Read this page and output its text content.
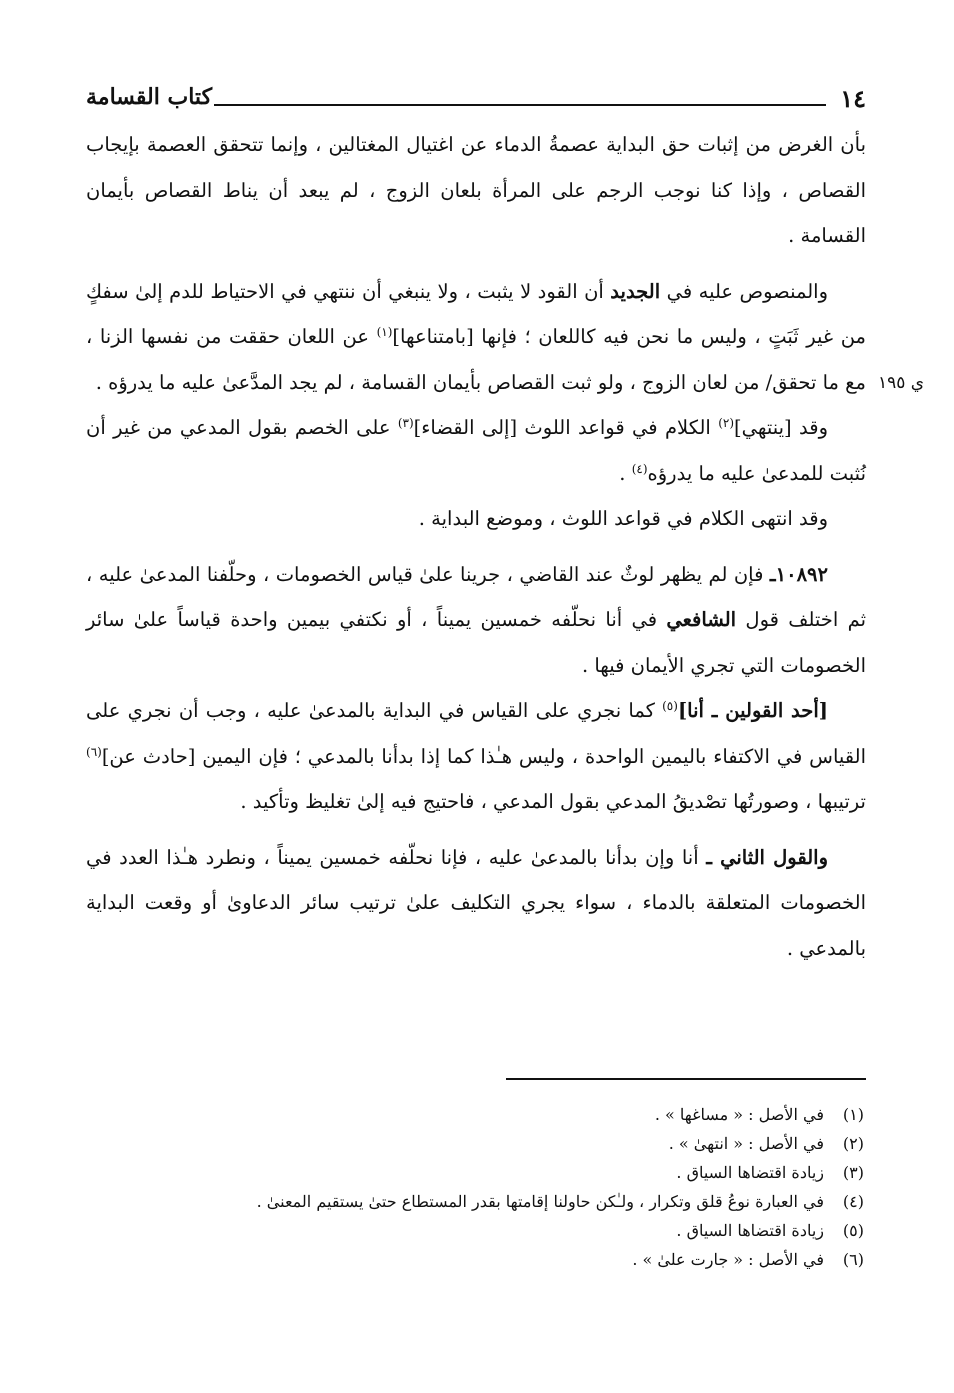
١٤
كتاب القسامة

بأن الغرض من إثبات حق البداية عصمةُ الدماء عن اغتيال المغتالين ، وإنما تتحقق العصمة بإيجاب القصاص ، وإذا كنا نوجب الرجم على المرأة بلعان الزوج ، لم يبعد أن يناط القصاص بأيمان القسامة .

والمنصوص عليه في الجديد أن القود لا يثبت ، ولا ينبغي أن ننتهي في الاحتياط للدم إلىٰ سفكٍ من غير ثَبَتٍ ، وليس ما نحن فيه كاللعان ؛ فإنها [بامتناعها]$^{(١)}$ عن اللعان حققت من نفسها الزنا ، مع ما تحقق/ من لعان الزوج ، ولو ثبت القصاص بأيمان القسامة ، لم يجد المدَّعىٰ عليه ما يدرؤه .

وقد [ينتهي]$^{(٢)}$ الكلام في قواعد اللوث [إلى القضاء]$^{(٣)}$ على الخصم بقول المدعي من غير أن نُثبت للمدعىٰ عليه ما يدرؤه$^{(٤)}$ .

وقد انتهى الكلام في قواعد اللوث ، وموضع البداية .

١٠٨٩٢ـ فإن لم يظهر لوثٌ عند القاضي ، جرينا علىٰ قياس الخصومات ، وحلّفنا المدعىٰ عليه ، ثم اختلف قول الشافعي في أنا نحلّفه خمسين يميناً ، أو نكتفي بيمين واحدة قياساً علىٰ سائر الخصومات التي تجري الأيمان فيها .

[أحد القولين ـ أنا]$^{(٥)}$ كما نجري على القياس في البداية بالمدعىٰ عليه ، وجب أن نجري على القياس في الاكتفاء باليمين الواحدة ، وليس هـٰذا كما إذا بدأنا بالمدعي ؛ فإن اليمين [حادث عن]$^{(٦)}$ ترتيبها ، وصورتُها تصْديقُ المدعي بقول المدعي ، فاحتيج فيه إلىٰ تغليظ وتأكيد .

والقول الثاني ـ أنا وإن بدأنا بالمدعىٰ عليه ، فإنا نحلّفه خمسين يميناً ، ونطرد هـٰذا العدد في الخصومات المتعلقة بالدماء ، سواء يجري التكليف علىٰ ترتيب سائر الدعاوىٰ أو وقعت البداية بالمدعي .

ي ١٩٥
(١)في الأصل : « مساغها » .
(٢)في الأصل : « انتهىٰ » .
(٣)زيادة اقتضاها السياق .
(٤)في العبارة نوعُ قلق وتكرار ، ولـٰكن حاولنا إقامتها بقدر المستطاع حتىٰ يستقيم المعنىٰ .
(٥)زيادة اقتضاها السياق .
(٦)في الأصل : « جارت علىٰ » .
